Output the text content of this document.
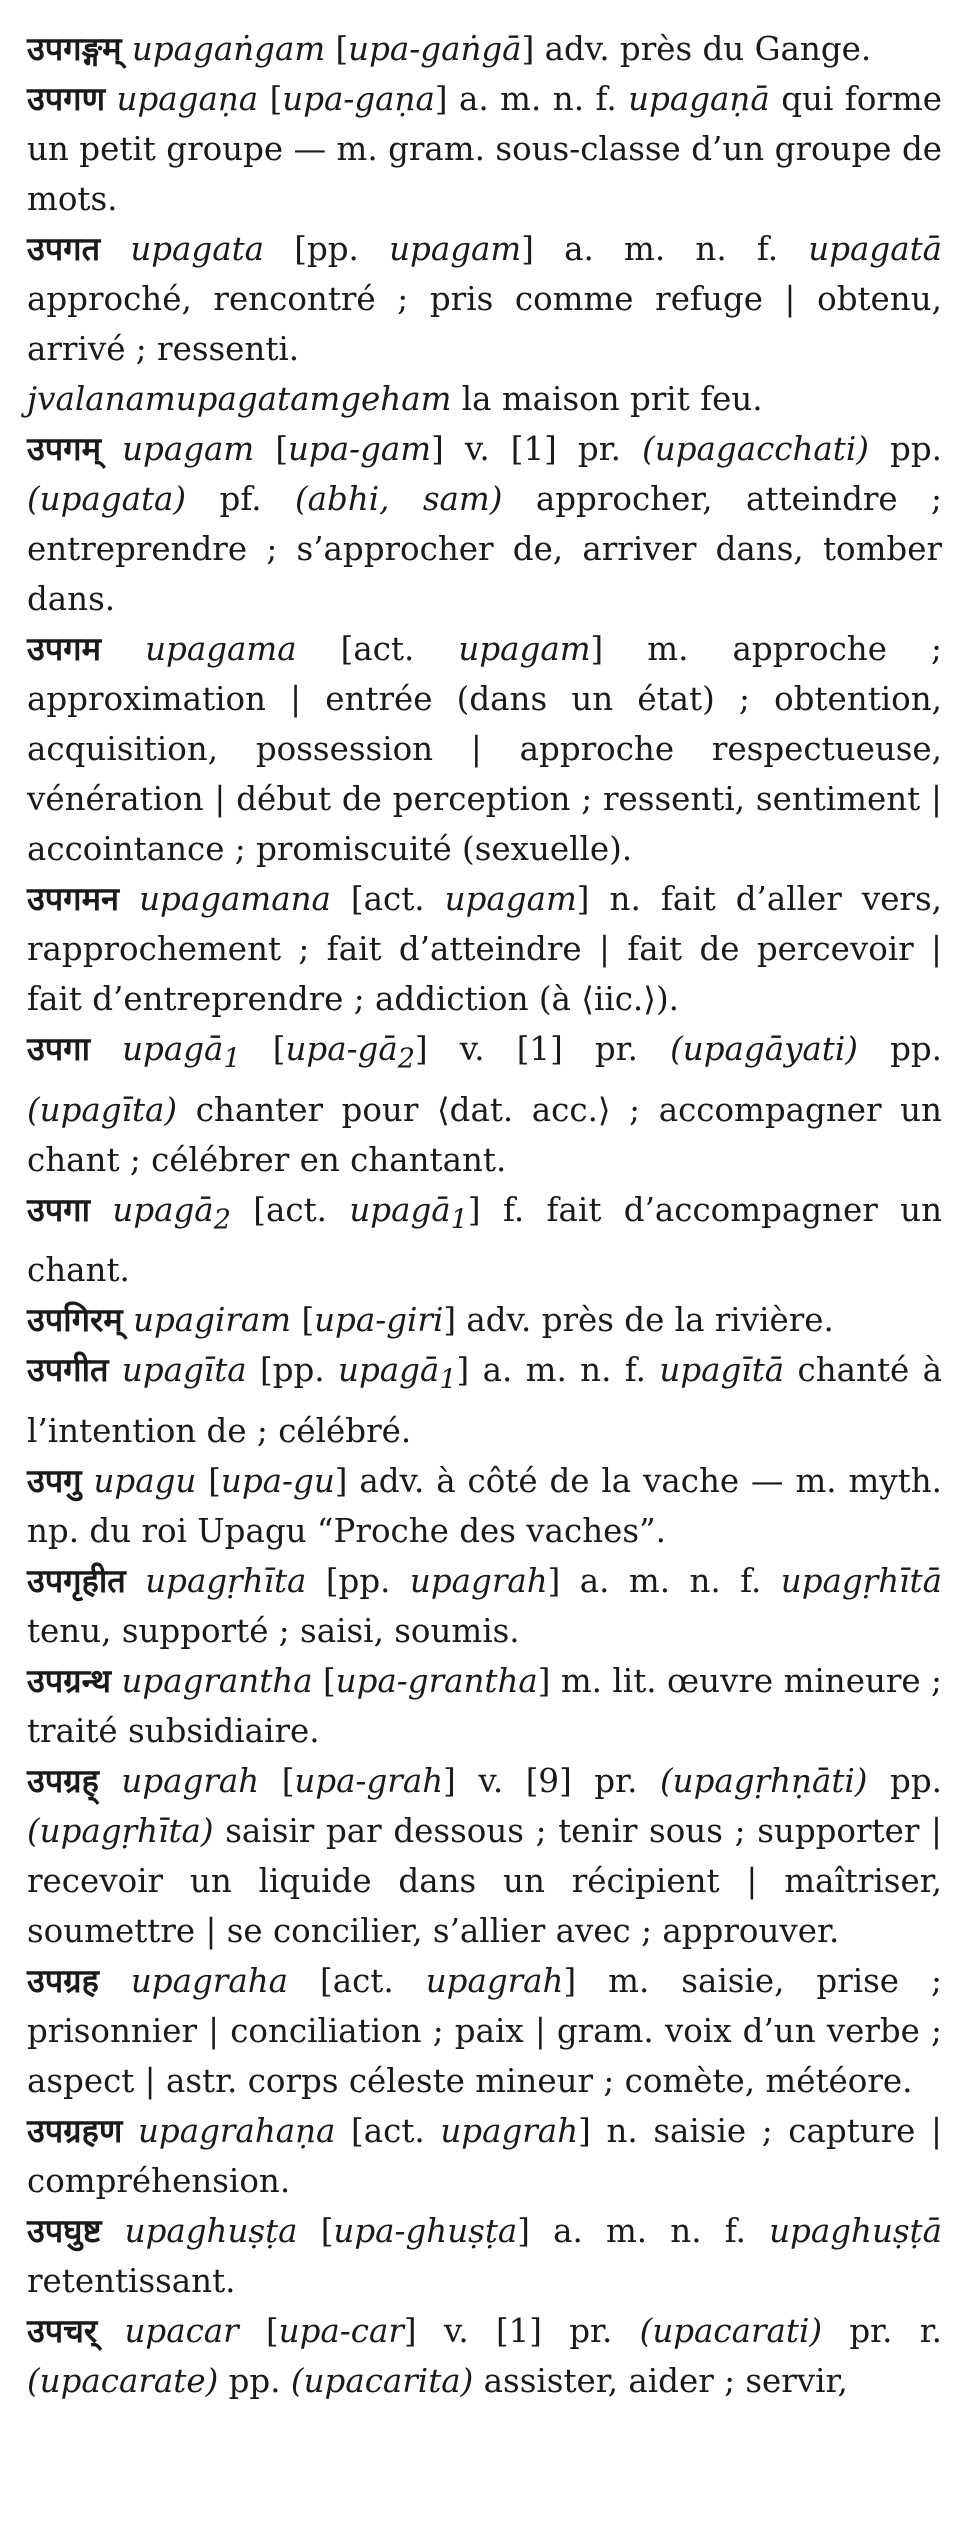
उपगङ्गम् upagaṅgam [upa-gaṅgā] adv. près du Gange.

उपगण upagaṇa [upa-gaṇa] a. m. n. f. upagaṇā qui forme un petit groupe — m. gram. sous-classe d’un groupe de mots.

उपगत upagata [pp. upagam] a. m. n. f. upagatā approché, rencontré ; pris comme refuge | obtenu, arrivé ; ressenti.

jvalanamupagatamgeham la maison prit feu.

उपगम् upagam [upa-gam] v. [1] pr. (upagacchati) pp. (upagata) pf. (abhi, sam) approcher, atteindre ; entreprendre ; s’approcher de, arriver dans, tomber dans.

उपगम upagama [act. upagam] m. approche ; approximation | entrée (dans un état) ; obtention, acquisition, possession | approche respectueuse, vénération | début de perception ; ressenti, sentiment | accointance ; promiscuité (sexuelle).

उपगमन upagamana [act. upagam] n. fait d’aller vers, rapprochement ; fait d’atteindre | fait de percevoir | fait d’entreprendre ; addiction (à ⟨iic.⟩).

उपगा upagā$_1$ $[upa-gā_2]$ v. [1] pr. (upagāyati) pp. (upagīta) chanter pour ⟨dat. acc.⟩ ; accompagner un chant ; célébrer en chantant.

उपगा upagā$_2$ [act. upagā$_1$] f. fait d’accompagner un chant.

उपगिरम् upagiram [upa-giri] adv. près de la rivière.

उपगीत upagīta [pp. upagā$_1$] a. m. n. f. upagītā chanté à l’intention de ; célébré.

उपगु upagu [upa-gu] adv. à côté de la vache — m. myth. np. du roi Upagu “Proche des vaches”.

उपगृहीत upagṛhīta [pp. upagrah] a. m. n. f. upagṛhītā tenu, supporté ; saisi, soumis.

उपग्रन्थ upagrantha [upa-grantha] m. lit. œuvre mineure ; traité subsidiaire.

उपग्रह् upagrah [upa-grah] v. [9] pr. (upagṛhṇāti) pp. (upagṛhīta) saisir par dessous ; tenir sous ; supporter | recevoir un liquide dans un récipient | maîtriser, soumettre | se concilier, s’allier avec ; approuver.

उपग्रह upagraha [act. upagrah] m. saisie, prise ; prisonnier | conciliation ; paix | gram. voix d’un verbe ; aspect | astr. corps céleste mineur ; comète, météore.

उपग्रहण upagrahaṇa [act. upagrah] n. saisie ; capture | compréhension.

उपघुष्ट upaghuṣṭa [upa-ghuṣṭa] a. m. n. f. upaghuṣṭā retentissant.

उपचर् upacar [upa-car] v. [1] pr. (upacarati) pr. r. (upacarate) pp. (upacarita) assister, aider ; servir,
